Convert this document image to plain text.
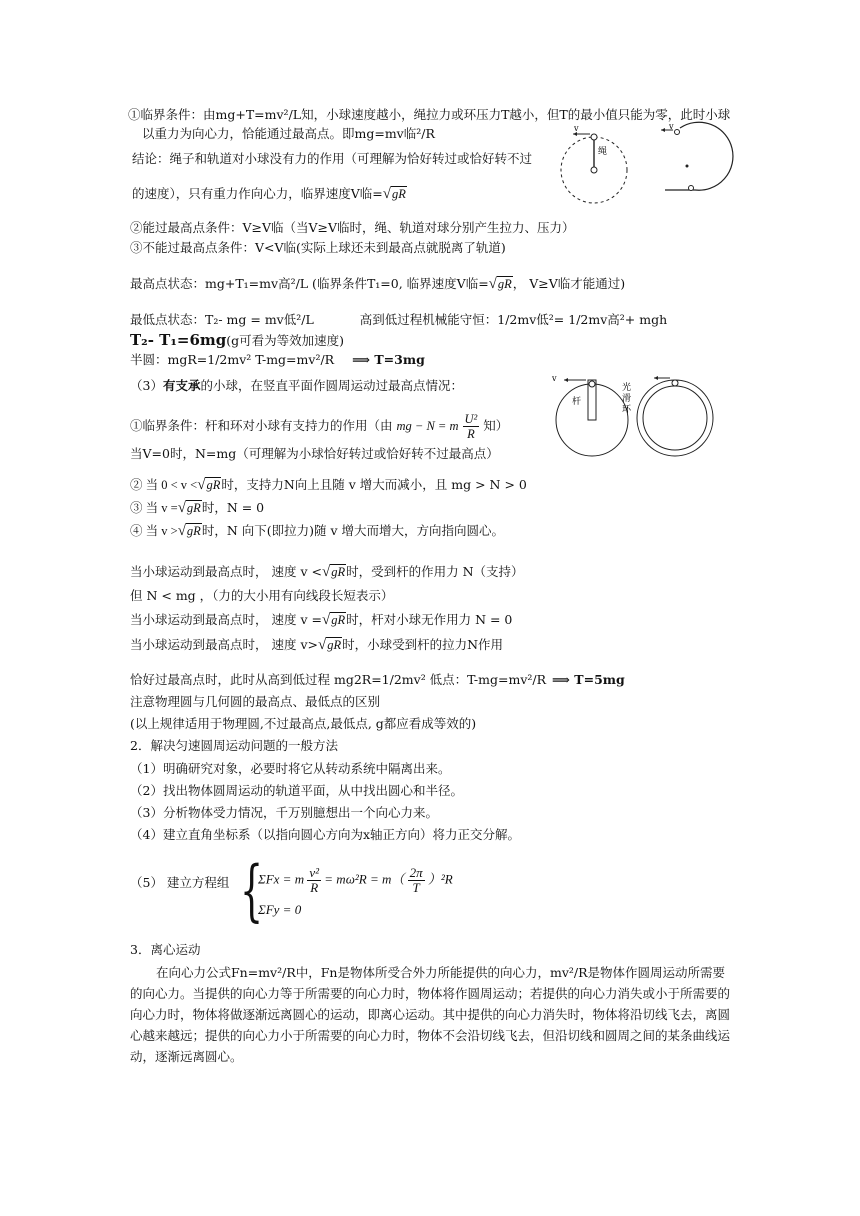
v
绳
v
v
杆
光
滑
环
①临界条件：由mg+T=mv²/L知，小球速度越小，绳拉力或环压力T越小，但T的最小值只能为零，此时小球
以重力为向心力，恰能通过最高点。即mg=mv临²/R
结论：绳子和轨道对小球没有力的作用（可理解为恰好转过或恰好转不过
的速度），只有重力作向心力，临界速度V临=√gR
②能过最高点条件：V≥V临（当V≥V临时，绳、轨道对球分别产生拉力、压力）
③不能过最高点条件：V<V临(实际上球还未到最高点就脱离了轨道)
最高点状态：mg+T₁=mv高²/L (临界条件T₁=0, 临界速度V临=√gR， V≥V临才能通过)
最低点状态：T₂- mg = mv低²/L	高到低过程机械能守恒：1/2mv低²= 1/2mv高²+ mgh
T₂- T₁=6mg(g可看为等效加速度)
半圆：mgR=1/2mv² T-mg=mv²/R ⟹ T=3mg
（3）有支承的小球，在竖直平面作圆周运动过最高点情况：
①临界条件：杆和环对小球有支持力的作用（由 mg − N = m $\frac{\text{U²}}{R}$ 知）
当V=0时，N=mg（可理解为小球恰好转过或恰好转不过最高点）
② 当 0 < v <√gR时，支持力N向上且随 v 增大而减小，且 mg > N > 0
③ 当 v =√gR时，N = 0
④ 当 v >√gR时，N 向下(即拉力)随 v 增大而增大，方向指向圆心。
当小球运动到最高点时， 速度 v <√gR时，受到杆的作用力 N（支持）
但 N < mg ，（力的大小用有向线段长短表示）
当小球运动到最高点时， 速度 v =√gR时，杆对小球无作用力 N = 0
当小球运动到最高点时， 速度 v>√gR时，小球受到杆的拉力N作用
恰好过最高点时，此时从高到低过程 mg2R=1/2mv² 低点：T-mg=mv²/R ⟹ T=5mg
注意物理圆与几何圆的最高点、最低点的区别
(以上规律适用于物理圆,不过最高点,最低点, g都应看成等效的)
2．解决匀速圆周运动问题的一般方法
（1）明确研究对象，必要时将它从转动系统中隔离出来。
（2）找出物体圆周运动的轨道平面，从中找出圆心和半径。
（3）分析物体受力情况，千万别臆想出一个向心力来。
（4）建立直角坐标系（以指向圆心方向为x轴正方向）将力正交分解。
（5） 建立方程组 {
ΣFx = m $\frac{\text{v²}}{R} = m\omega^2R = m( \frac{2\pi}{T} )^2R$
ΣFy = 0
3．离心运动
在向心力公式Fn=mv²/R中，Fn是物体所受合外力所能提供的向心力，mv²/R是物体作圆周运动所需要的向心力。当提供的向心力等于所需要的向心力时，物体将作圆周运动；若提供的向心力消失或小于所需要的向心力时，物体将做逐渐远离圆心的运动，即离心运动。其中提供的向心力消失时，物体将沿切线飞去，离圆心越来越远；提供的向心力小于所需要的向心力时，物体不会沿切线飞去，但沿切线和圆周之间的某条曲线运动，逐渐远离圆心。
